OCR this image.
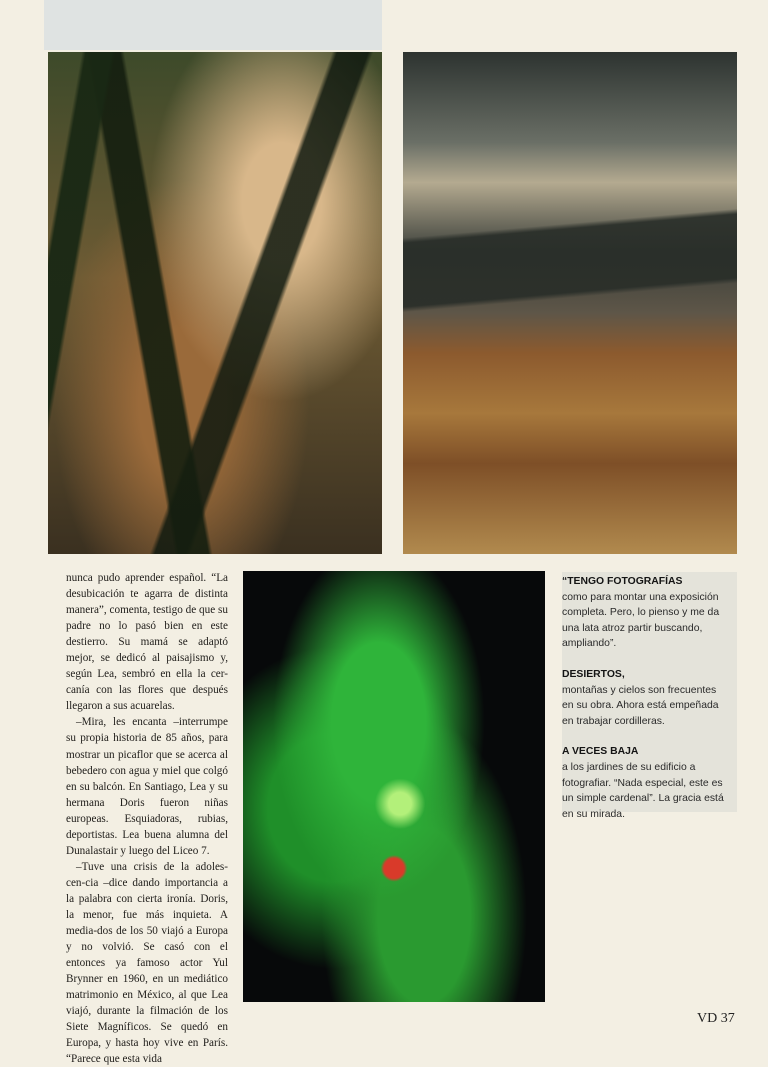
nunca pudo aprender español. “La desubicación te agarra de distinta manera”, comenta, testigo de que su padre no lo pasó bien en este destierro. Su mamá se adaptó mejor, se dedicó al paisajismo y, según Lea, sembró en ella la cer-canía con las flores que después llegaron a sus acuarelas.

–Mira, les encanta –interrumpe su propia historia de 85 años, para mostrar un picaflor que se acerca al bebedero con agua y miel que colgó en su balcón. En Santiago, Lea y su hermana Doris fueron niñas europeas. Esquiadoras, rubias, deportistas. Lea buena alumna del Dunalastair y luego del Liceo 7.

–Tuve una crisis de la adoles-cen-cia –dice dando importancia a la palabra con cierta ironía. Doris, la menor, fue más inquieta. A media-dos de los 50 viajó a Europa y no volvió. Se casó con el entonces ya famoso actor Yul Brynner en 1960, en un mediático matrimonio en México, al que Lea viajó, durante la filmación de los Siete Magníficos. Se quedó en Europa, y hasta hoy vive en París. “Parece que esta vida

“TENGO FOTOGRAFÍAS
como para montar una exposición completa. Pero, lo pienso y me da una lata atroz partir buscando, ampliando”.
DESIERTOS,
montañas y cielos son frecuentes en su obra. Ahora está empeñada en trabajar cordilleras.
A VECES BAJA
a los jardines de su edificio a fotografiar. “Nada especial, este es un simple cardenal”. La gracia está en su mirada.
VD 37
